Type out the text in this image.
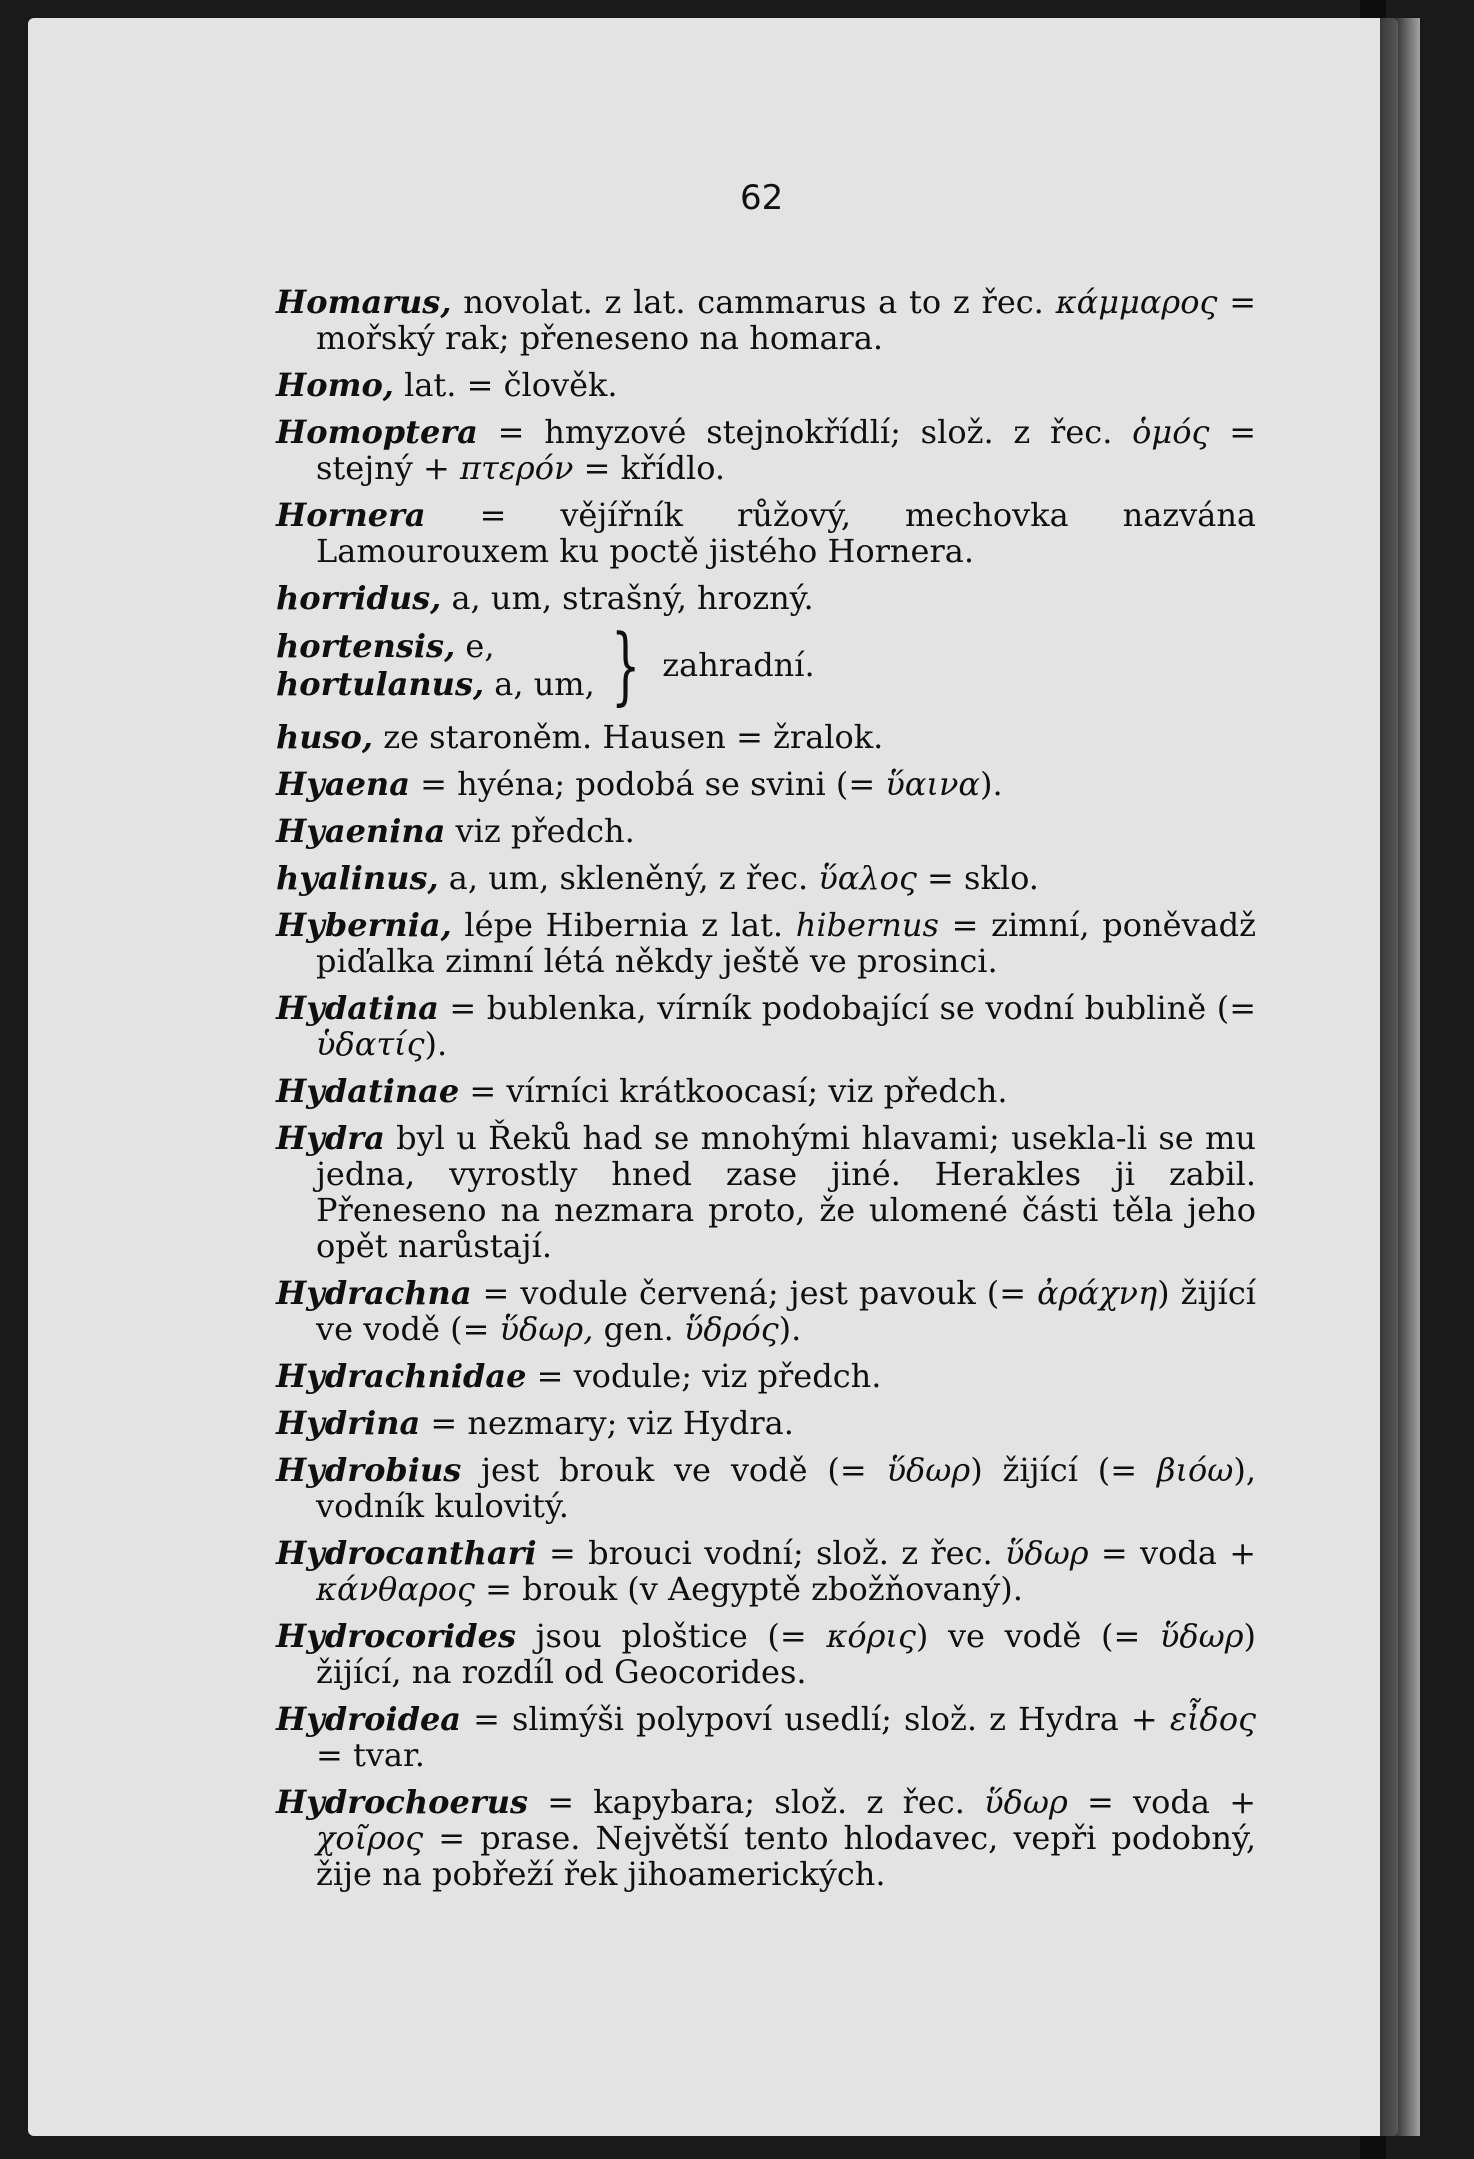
62
Homarus, novolat. z lat. cammarus a to z řec. κάμμαρος = mořský rak; přeneseno na homara.
Homo, lat. = člověk.
Homoptera = hmyzové stejnokřídlí; slož. z řec. ὁμός = stejný + πτερόν = křídlo.
Hornera = vějířník růžový, mechovka nazvána Lamourouxem ku poctě jistého Hornera.
horridus, a, um, strašný, hrozný.
hortensis, e,
hortulanus, a, um, } zahradní.
huso, ze staroněm. Hausen = žralok.
Hyaena = hyéna; podobá se svini (= ὕαινα).
Hyaenina viz předch.
hyalinus, a, um, skleněný, z řec. ὕαλος = sklo.
Hybernia, lépe Hibernia z lat. hibernus = zimní, poněvadž piďalka zimní létá někdy ještě ve prosinci.
Hydatina = bublenka, vírník podobající se vodní bublině (= ὑδατίς).
Hydatinae = vírníci krátkoocasí; viz předch.
Hydra byl u Řeků had se mnohými hlavami; usekla-li se mu jedna, vyrostly hned zase jiné. Herakles ji zabil. Přeneseno na nezmara proto, že ulomené části těla jeho opět narůstají.
Hydrachna = vodule červená; jest pavouk (= ἀράχνη) žijící ve vodě (= ὕδωρ, gen. ὕδρός).
Hydrachnidae = vodule; viz předch.
Hydrina = nezmary; viz Hydra.
Hydrobius jest brouk ve vodě (= ὕδωρ) žijící (= βιόω), vodník kulovitý.
Hydrocanthari = brouci vodní; slož. z řec. ὕδωρ = voda + κάνθαρος = brouk (v Aegyptě zbožňovaný).
Hydrocorides jsou ploštice (= κόρις) ve vodě (= ὕδωρ) žijící, na rozdíl od Geocorides.
Hydroidea = slimýši polypoví usedlí; slož. z Hydra + εἶδος = tvar.
Hydrochoerus = kapybara; slož. z řec. ὕδωρ = voda + χοῖρος = prase. Největší tento hlodavec, vepři podobný, žije na pobřeží řek jihoamerických.
